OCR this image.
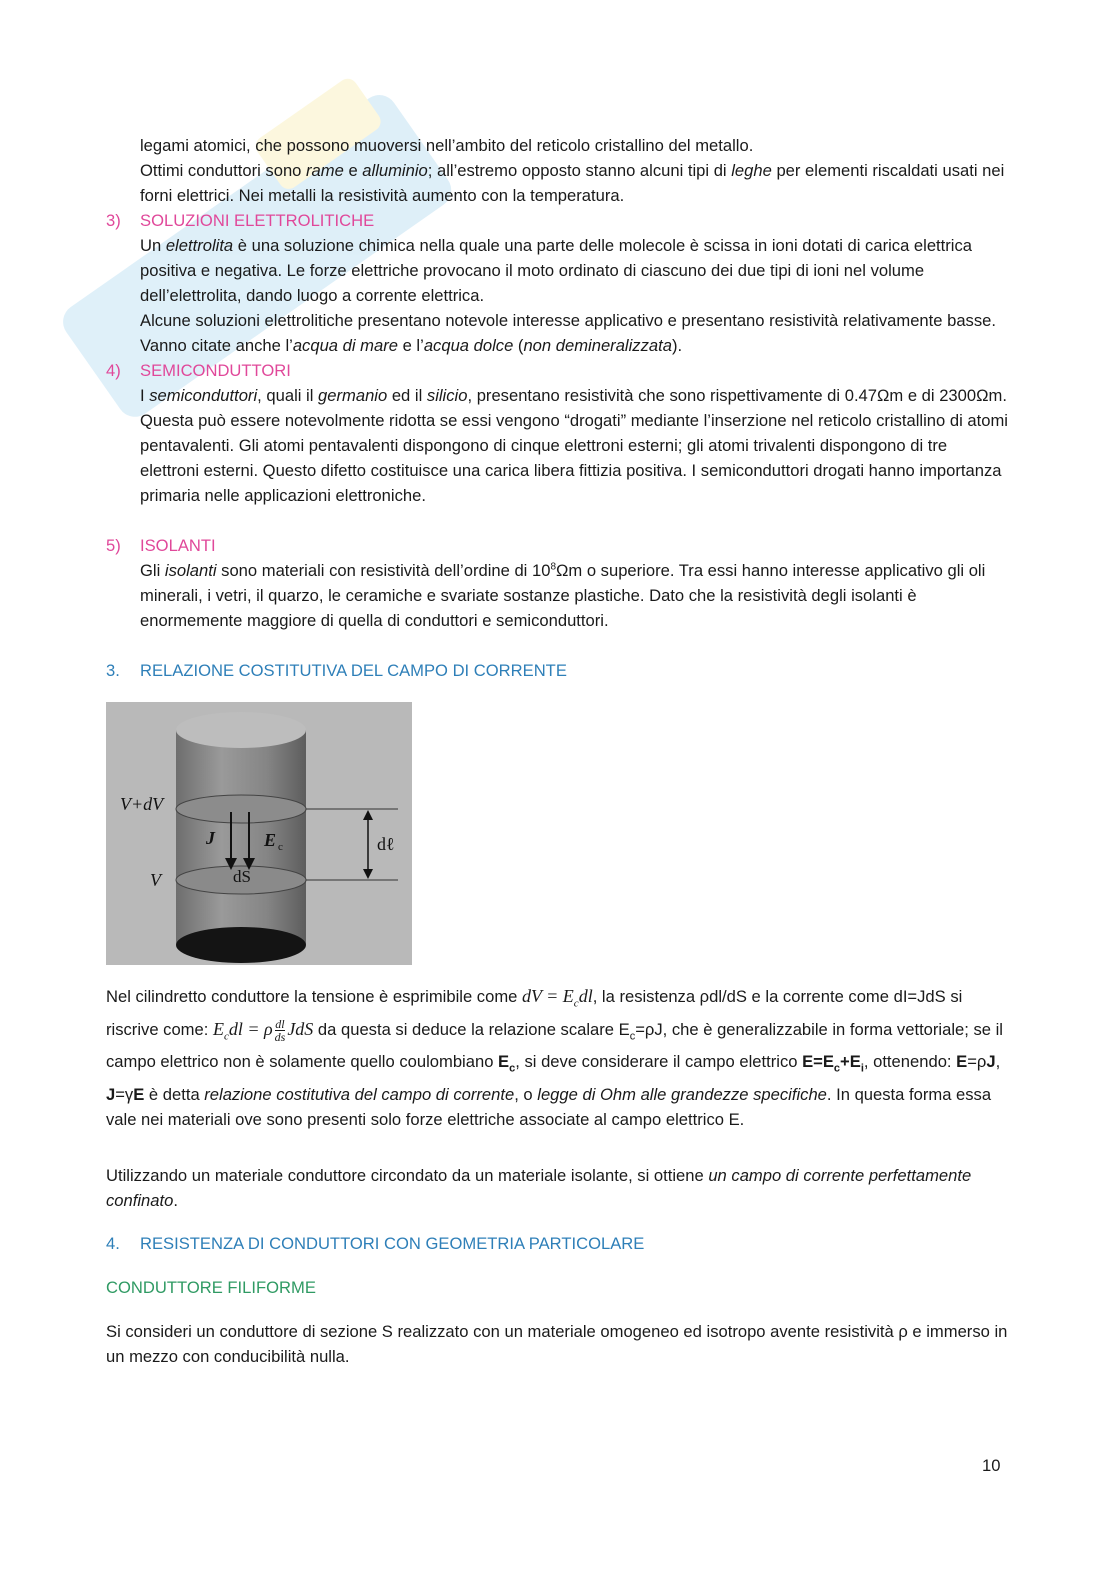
legami atomici, che possono muoversi nell’ambito del reticolo cristallino del metallo.

Ottimi conduttori sono rame e alluminio; all’estremo opposto stanno alcuni tipi di leghe per elementi riscaldati usati nei forni elettrici. Nei metalli la resistività aumento con la temperatura.

3) SOLUZIONI ELETTROLITICHE

Un elettrolita è una soluzione chimica nella quale una parte delle molecole è scissa in ioni dotati di carica elettrica positiva e negativa. Le forze elettriche provocano il moto ordinato di ciascuno dei due tipi di ioni nel volume dell’elettrolita, dando luogo a corrente elettrica.

Alcune soluzioni elettrolitiche presentano notevole interesse applicativo e presentano resistività relativamente basse. Vanno citate anche l’acqua di mare e l’acqua dolce (non demineralizzata).

4) SEMICONDUTTORI

I semiconduttori, quali il germanio ed il silicio, presentano resistività che sono rispettivamente di 0.47Ωm e di 2300Ωm. Questa può essere notevolmente ridotta se essi vengono “drogati” mediante l’inserzione nel reticolo cristallino di atomi pentavalenti. Gli atomi pentavalenti dispongono di cinque elettroni esterni; gli atomi trivalenti dispongono di tre elettroni esterni. Questo difetto costituisce una carica libera fittizia positiva. I semiconduttori drogati hanno importanza primaria nelle applicazioni elettroniche.

5) ISOLANTI

Gli isolanti sono materiali con resistività dell’ordine di $10^8\Omega m$ o superiore. Tra essi hanno interesse applicativo gli oli minerali, i vetri, il quarzo, le ceramiche e svariate sostanze plastiche. Dato che la resistività degli isolanti è enormemente maggiore di quella di conduttori e semiconduttori.

3. RELAZIONE COSTITUTIVA DEL CAMPO DI CORRENTE
V+dV
V
J	E c
dS
dℓ

Nel cilindretto conduttore la tensione è esprimibile come dV = $E_cdl$, la resistenza ρdl/dS e la corrente come dI=JdS si riscrive come: $E_cdl = \rho \frac{dl}{ds}$ JdS da questa si deduce la relazione scalare $E_c=\rho J$, che è generalizzabile in forma vettoriale; se il campo elettrico non è solamente quello coulombiano $E_c$, si deve considerare il campo elettrico $E=E_c+E_i$, ottenendo: E=ρJ, J=γE è detta relazione costitutiva del campo di corrente, o legge di Ohm alle grandezze specifiche. In questa forma essa vale nei materiali ove sono presenti solo forze elettriche associate al campo elettrico E.

Utilizzando un materiale conduttore circondato da un materiale isolante, si ottiene un campo di corrente perfettamente confinato.

4. RESISTENZA DI CONDUTTORI CON GEOMETRIA PARTICOLARE
CONDUTTORE FILIFORME
Si consideri un conduttore di sezione S realizzato con un materiale omogeneo ed isotropo avente resistività ρ e immerso in un mezzo con conducibilità nulla.
10
